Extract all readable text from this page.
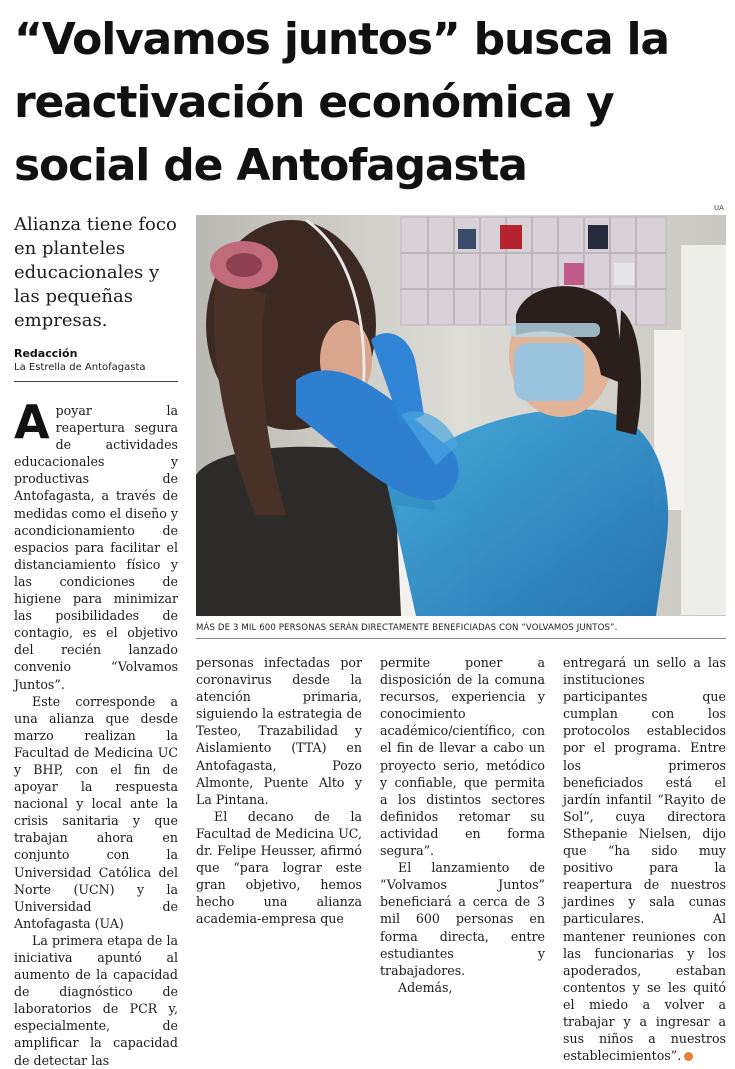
“Volvamos juntos” busca la reactivación económica y social de Antofagasta
Alianza tiene foco en planteles educacionales y las pequeñas empresas.
Redacción
La Estrella de Antofagasta
UA
MÁS DE 3 MIL 600 PERSONAS SERÁN DIRECTAMENTE BENEFICIADAS CON “VOLVAMOS JUNTOS”.

Apoyar la reapertura segura de actividades educacionales y productivas de Antofagasta, a través de medidas como el diseño y acondicionamiento de espacios para facilitar el distanciamiento físico y las condiciones de higiene para minimizar las posibilidades de contagio, es el objetivo del recién lanzado convenio “Volvamos Juntos”.

Este corresponde a una alianza que desde marzo realizan la Facultad de Medicina UC y BHP, con el fin de apoyar la respuesta nacional y local ante la crisis sanitaria y que trabajan ahora en conjunto con la Universidad Católica del Norte (UCN) y la Universidad de Antofagasta (UA)

La primera etapa de la iniciativa apuntó al aumento de la capacidad de diagnóstico de laboratorios de PCR y, especialmente, de amplificar la capacidad de detectar las

personas infectadas por coronavirus desde la atención primaria, siguiendo la estrategia de Testeo, Trazabilidad y Aislamiento (TTA) en Antofagasta, Pozo Almonte, Puente Alto y La Pintana.

El decano de la Facultad de Medicina UC, dr. Felipe Heusser, afirmó que “para lograr este gran objetivo, hemos hecho una alianza academia-empresa que

permite poner a disposición de la comuna recursos, experiencia y conocimiento académico/científico, con el fin de llevar a cabo un proyecto serio, metódico y confiable, que permita a los distintos sectores definidos retomar su actividad en forma segura”.

El lanzamiento de “Volvamos Juntos” beneficiará a cerca de 3 mil 600 personas en forma directa, entre estudiantes y trabajadores.

Además,

entregará un sello a las instituciones participantes que cumplan con los protocolos establecidos por el programa. Entre los primeros beneficiados está el jardín infantil “Rayito de Sol”, cuya directora Sthepanie Nielsen, dijo que “ha sido muy positivo para la reapertura de nuestros jardines y sala cunas particulares. Al mantener reuniones con las funcionarias y los apoderados, estaban contentos y se les quitó el miedo a volver a trabajar y a ingresar a sus niños a nuestros establecimientos”.
